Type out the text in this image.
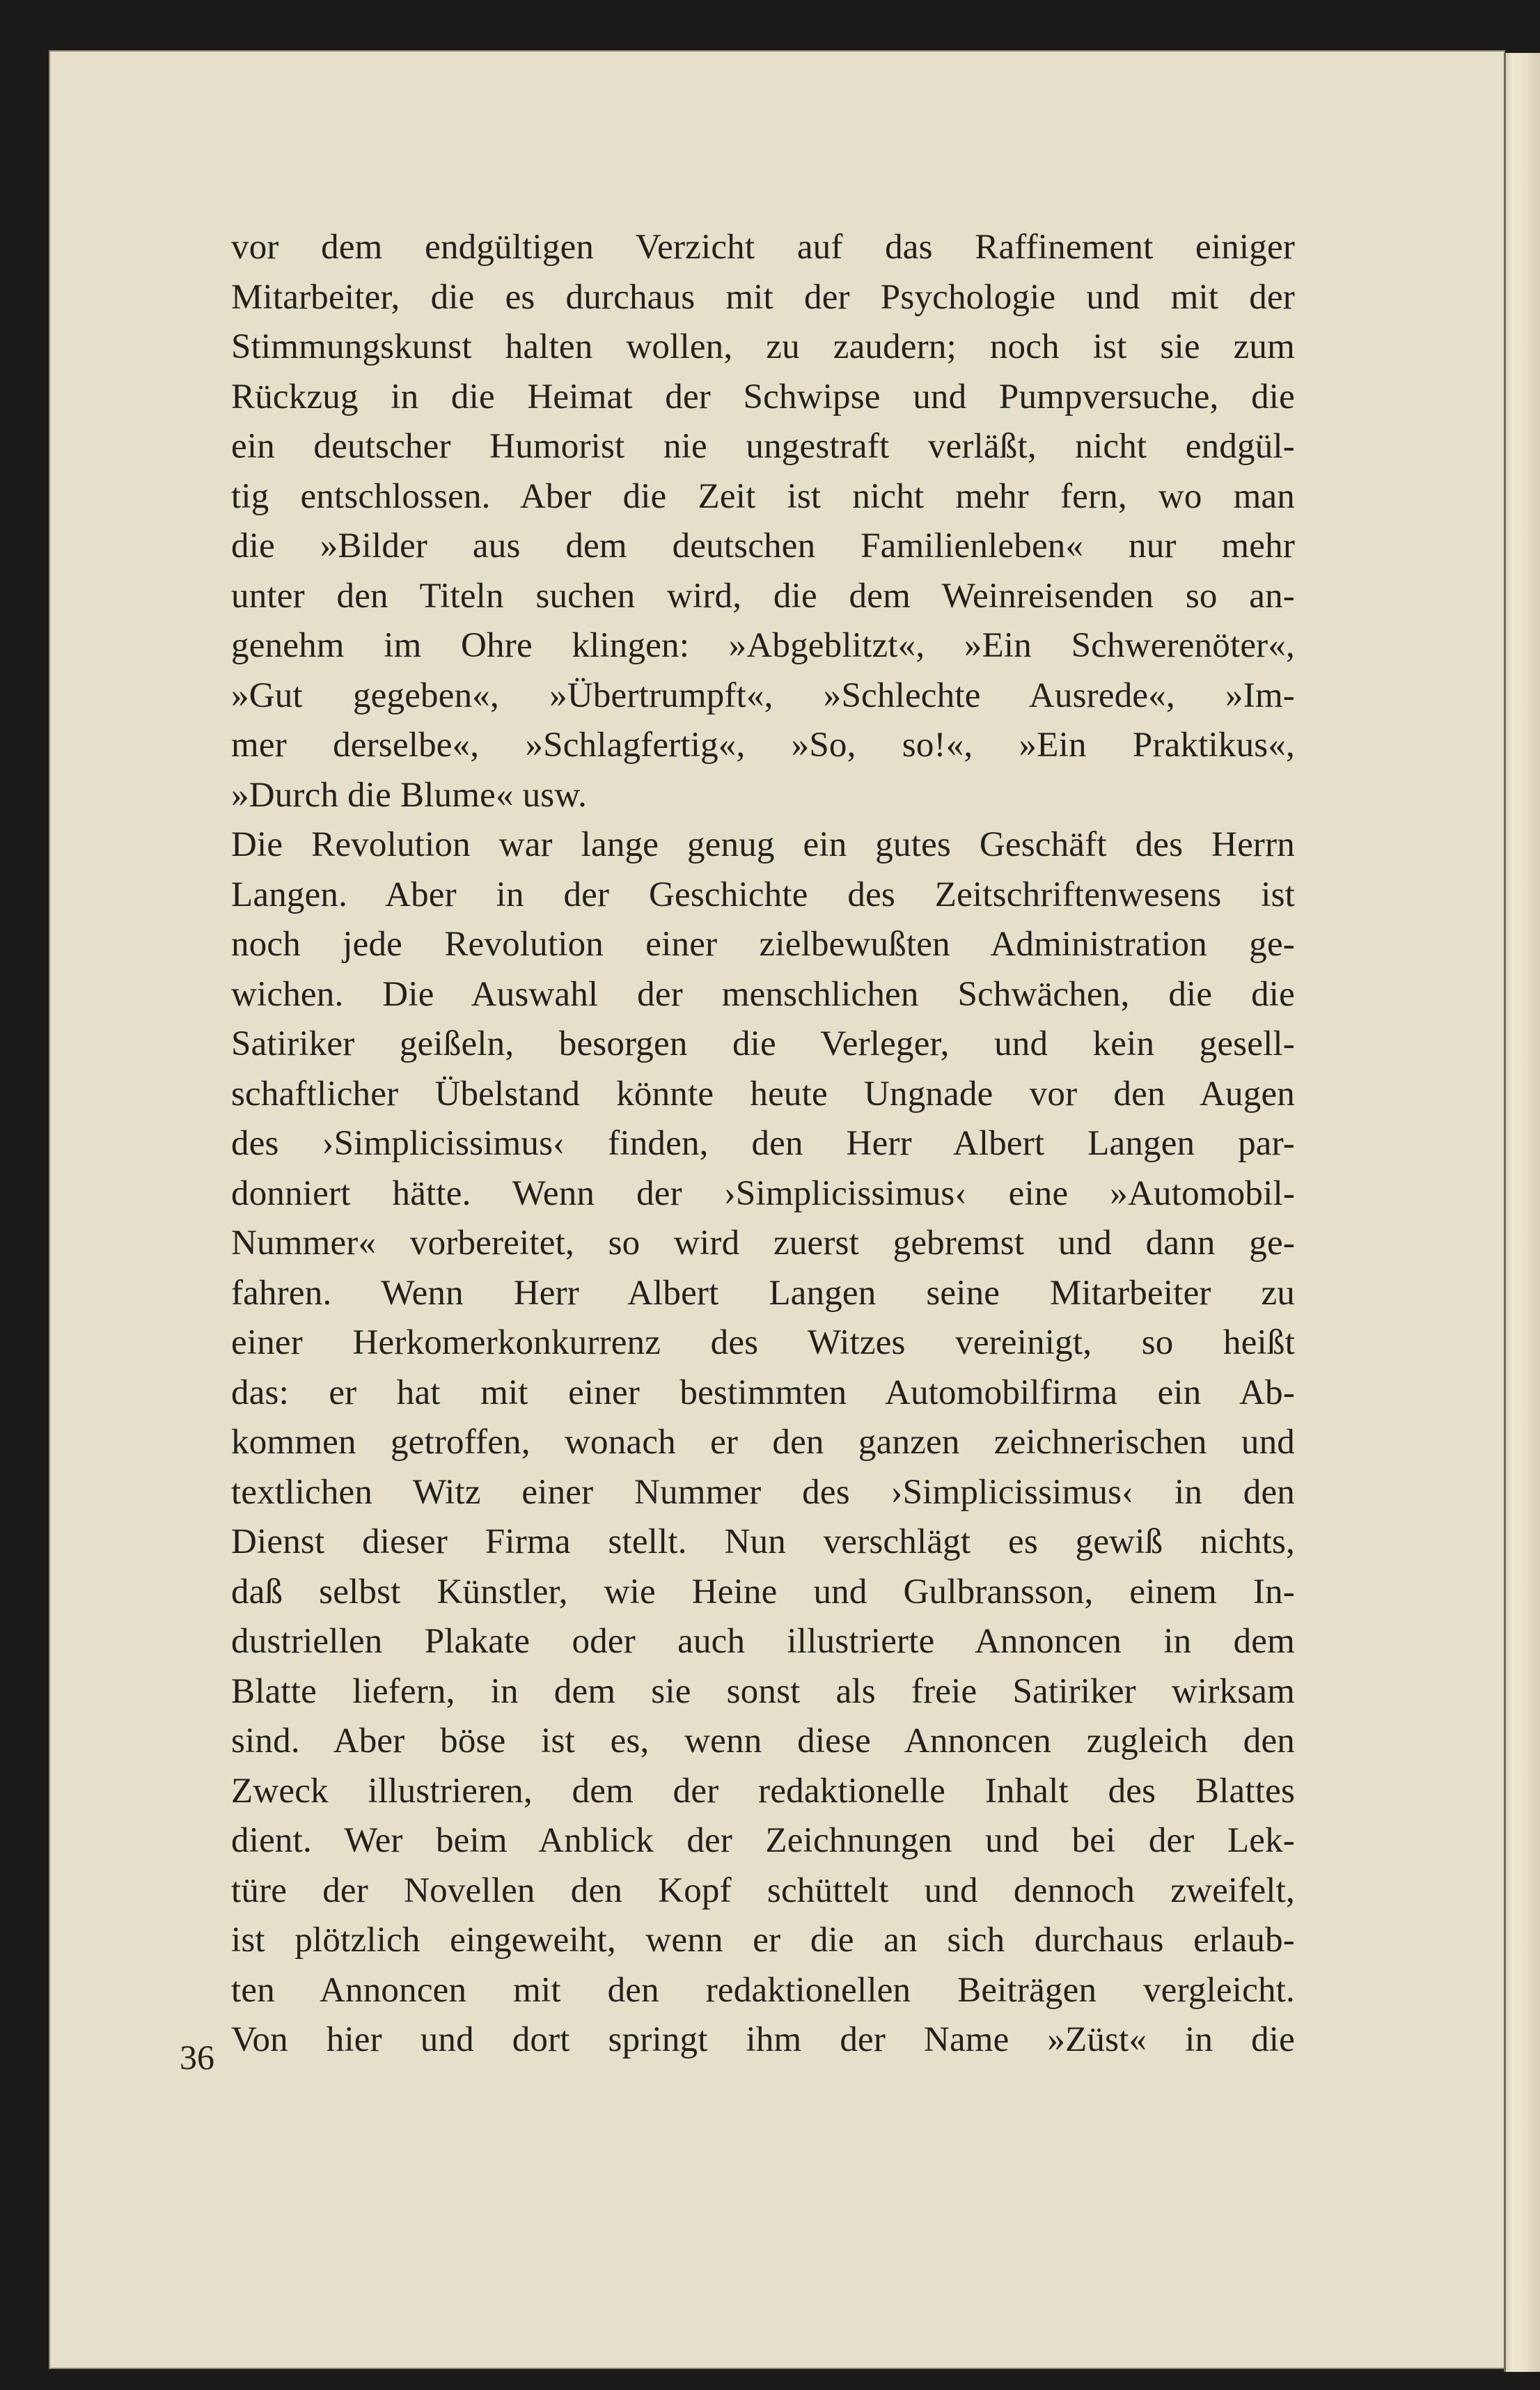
vor dem endgültigen Verzicht auf das Raffinement einiger
Mitarbeiter, die es durchaus mit der Psychologie und mit der
Stimmungskunst halten wollen, zu zaudern; noch ist sie zum
Rückzug in die Heimat der Schwipse und Pumpversuche, die
ein deutscher Humorist nie ungestraft verläßt, nicht endgül-
tig entschlossen. Aber die Zeit ist nicht mehr fern, wo man
die »Bilder aus dem deutschen Familienleben« nur mehr
unter den Titeln suchen wird, die dem Weinreisenden so an-
genehm im Ohre klingen: »Abgeblitzt«, »Ein Schwerenöter«,
»Gut gegeben«, »Übertrumpft«, »Schlechte Ausrede«, »Im-
mer derselbe«, »Schlagfertig«, »So, so!«, »Ein Praktikus«,
»Durch die Blume« usw.
Die Revolution war lange genug ein gutes Geschäft des Herrn
Langen. Aber in der Geschichte des Zeitschriftenwesens ist
noch jede Revolution einer zielbewußten Administration ge-
wichen. Die Auswahl der menschlichen Schwächen, die die
Satiriker geißeln, besorgen die Verleger, und kein gesell-
schaftlicher Übelstand könnte heute Ungnade vor den Augen
des ›Simplicissimus‹ finden, den Herr Albert Langen par-
donniert hätte. Wenn der ›Simplicissimus‹ eine »Automobil-
Nummer« vorbereitet, so wird zuerst gebremst und dann ge-
fahren. Wenn Herr Albert Langen seine Mitarbeiter zu
einer Herkomerkonkurrenz des Witzes vereinigt, so heißt
das: er hat mit einer bestimmten Automobilfirma ein Ab-
kommen getroffen, wonach er den ganzen zeichnerischen und
textlichen Witz einer Nummer des ›Simplicissimus‹ in den
Dienst dieser Firma stellt. Nun verschlägt es gewiß nichts,
daß selbst Künstler, wie Heine und Gulbransson, einem In-
dustriellen Plakate oder auch illustrierte Annoncen in dem
Blatte liefern, in dem sie sonst als freie Satiriker wirksam
sind. Aber böse ist es, wenn diese Annoncen zugleich den
Zweck illustrieren, dem der redaktionelle Inhalt des Blattes
dient. Wer beim Anblick der Zeichnungen und bei der Lek-
türe der Novellen den Kopf schüttelt und dennoch zweifelt,
ist plötzlich eingeweiht, wenn er die an sich durchaus erlaub-
ten Annoncen mit den redaktionellen Beiträgen vergleicht.
Von hier und dort springt ihm der Name »Züst« in die
36
